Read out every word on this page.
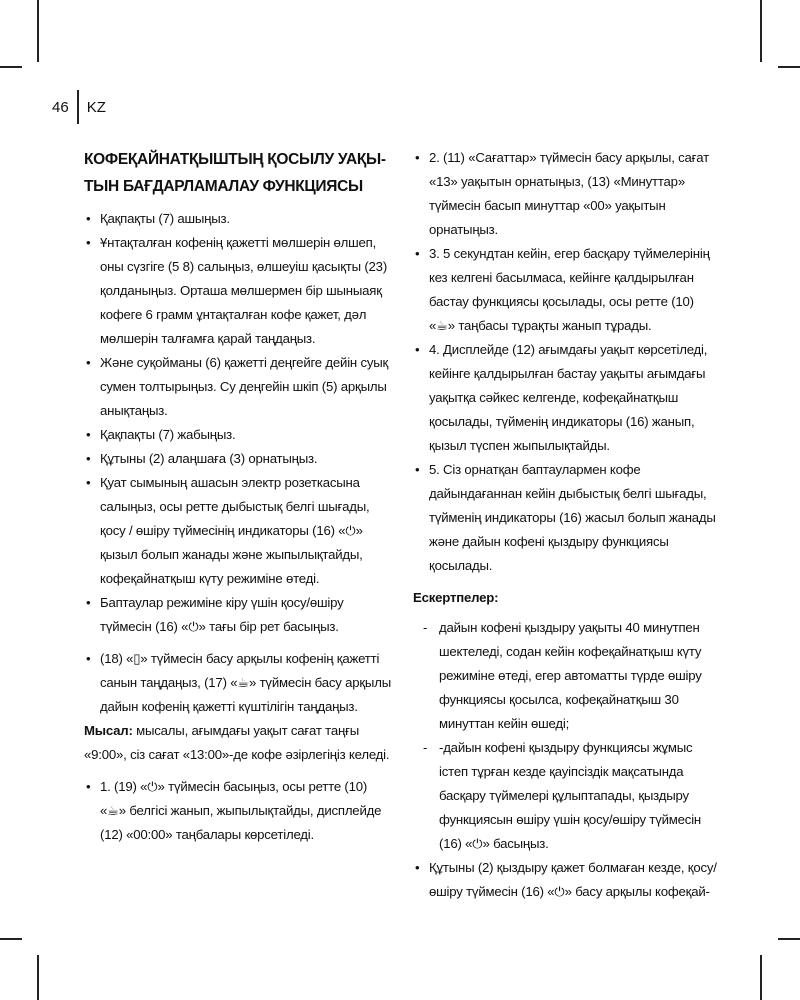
46 KZ
КОФЕҚАЙНАТҚЫШТЫҢ ҚОСЫЛУ УАҚЫ-
ТЫН БАҒДАРЛАМАЛАУ ФУНКЦИЯСЫ
• Қақпақты (7) ашыңыз.
• Ұнтақталған кофенің қажетті мөлшерін өлшеп, оны сүзгіге (5 8) салыңыз, өлшеуіш қасықты (23) қолданыңыз. Орташа мөлшермен бір шыныаяқ кофеге 6 грамм ұнтақталған кофе қажет, дәл мөлшерін талғамға қарай таңдаңыз.
• Және суқойманы (6) қажетті деңгейге дейін суық сумен толтырыңыз. Су деңгейін шкіп (5) арқылы анықтаңыз.
• Қақпақты (7) жабыңыз.
• Құтыны (2) алаңшаға (3) орнатыңыз.
• Қуат сымының ашасын электр розеткасына салыңыз, осы ретте дыбыстық белгі шығады, қосу / өшіру түймесінің индикаторы (16) «⏻» қызыл болып жанады және жыпылықтайды, кофеқайнатқыш күту режиміне өтеді.
• Баптаулар режиміне кіру үшін қосу/өшіру түймесін (16) «⏻» тағы бір рет басыңыз.
• (18) «▯» түймесін басу арқылы кофенің қажетті санын таңдаңыз, (17) «☕» түймесін басу арқылы дайын кофенің қажетті күштілігін таңдаңыз.
Мысал: мысалы, ағымдағы уақыт сағат таңғы «9:00», сіз сағат «13:00»-де кофе әзірлегіңіз келеді.
• 1. (19) «⏻» түймесін басыңыз, осы ретте (10) «☕» белгісі жанып, жыпылықтайды, дисплейде (12) «00:00» таңбалары көрсетіледі.
• 2. (11) «Сағаттар» түймесін басу арқылы, сағат «13» уақытын орнатыңыз, (13) «Минуттар» түймесін басып минуттар «00» уақытын орнатыңыз.
• 3. 5 секундтан кейін, егер басқару түймелерінің кез келгені басылмаса, кейінге қалдырылған бастау функциясы қосылады, осы ретте (10) «☕» таңбасы тұрақты жанып тұрады.
• 4. Дисплейде (12) ағымдағы уақыт көрсетіледі, кейінге қалдырылған бастау уақыты ағымдағы уақытқа сәйкес келгенде, кофеқайнатқыш қосылады, түйменің индикаторы (16) жанып, қызыл түспен жыпылықтайды.
• 5. Сіз орнатқан баптаулармен кофе дайындағаннан кейін дыбыстық белгі шығады, түйменің индикаторы (16) жасыл болып жанады және дайын кофені қыздыру функциясы қосылады.
Ескертпелер:
- дайын кофені қыздыру уақыты 40 минутпен шектеледі, содан кейін кофеқайнатқыш күту режиміне өтеді, егер автоматты түрде өшіру функциясы қосылса, кофеқайнатқыш 30 минуттан кейін өшеді;
- -дайын кофені қыздыру функциясы жұмыс істеп тұрған кезде қауіпсіздік мақсатында басқару түймелері құлыптапады, қыздыру функциясын өшіру үшін қосу/өшіру түймесін (16) «⏻» басыңыз.
• Құтыны (2) қыздыру қажет болмаған кезде, қосу/ өшіру түймесін (16) «⏻» басу арқылы кофеқай-
